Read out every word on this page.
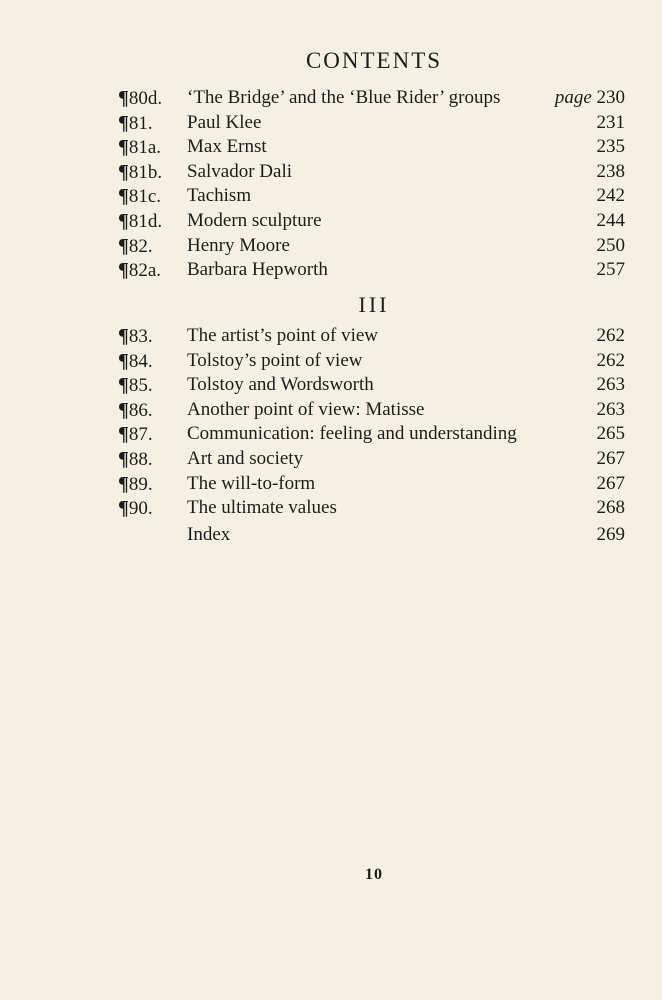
CONTENTS
¶80d. ‘The Bridge’ and the ‘Blue Rider’ groups	page 230
¶81. Paul Klee	231
¶81a. Max Ernst	235
¶81b. Salvador Dali	238
¶81c. Tachism	242
¶81d. Modern sculpture	244
¶82. Henry Moore	250
¶82a. Barbara Hepworth	257
III
¶83. The artist’s point of view	262
¶84. Tolstoy’s point of view	262
¶85. Tolstoy and Wordsworth	263
¶86. Another point of view: Matisse	263
¶87. Communication: feeling and understanding	265
¶88. Art and society	267
¶89. The will-to-form	267
¶90. The ultimate values	268
Index	269
10
